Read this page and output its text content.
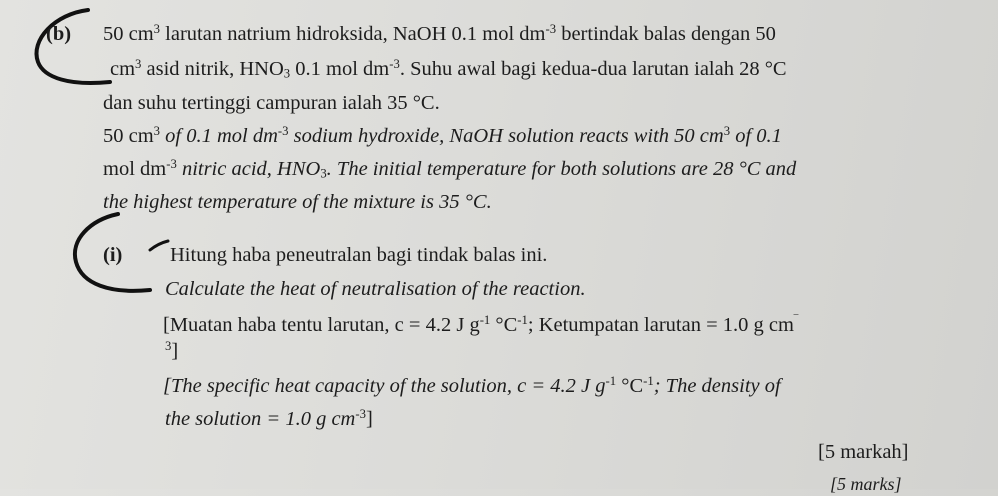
(b) 50 $cm^3$ larutan natrium hidroksida, NaOH 0.1 mol $dm^{-3}$ bertindak balas dengan 50
$cm^3$ asid nitrik, $HNO_3$ 0.1 mol $dm^{-3}$. Suhu awal bagi kedua-dua larutan ialah 28 °C
dan suhu tertinggi campuran ialah 35 °C.
50 $cm^3$ of 0.1 mol $dm^{-3}$ sodium hydroxide, NaOH solution reacts with 50 $cm^3$ of 0.1
mol $dm^{-3}$ nitric acid, $HNO_3$. The initial temperature for both solutions are 28 °C and
the highest temperature of the mixture is 35 °C.
(i) Hitung haba peneutralan bagi tindak balas ini.
Calculate the heat of neutralisation of the reaction.
[Muatan haba tentu larutan, c = 4.2 J $g^{-1}$ $^\circ C^{-1}$; Ketumpatan larutan = 1.0 g cm‾
$^3$]
[The specific heat capacity of the solution, c = 4.2 J $g^{-1}$ $^\circ C^{-1}$; The density of
the solution = 1.0 g $cm^{-3}$]
[5 markah]
[5 marks]
